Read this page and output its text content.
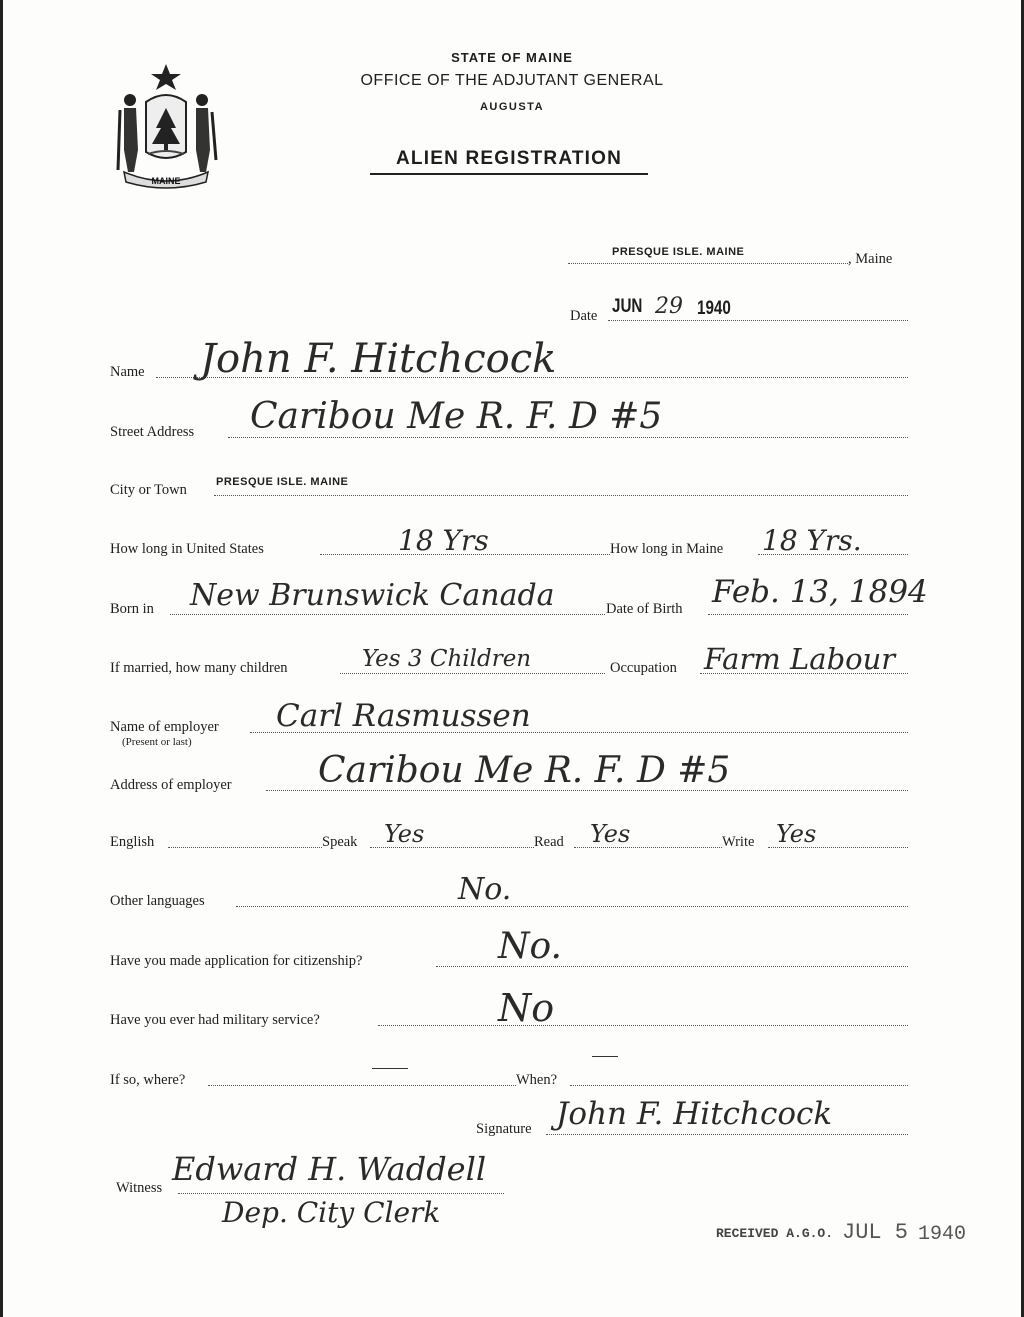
MAINE
STATE OF MAINE
OFFICE OF THE ADJUTANT GENERAL
AUGUSTA
ALIEN REGISTRATION
PRESQUE ISLE. MAINE	, Maine
Date JUN 29 1940
Name John F. Hitchcock
Street Address Caribou Me R. F. D #5
City or Town	PRESQUE ISLE. MAINE
How long in United States	18 Yrs	How long in Maine 18 Yrs.
Born in New Brunswick Canada	Date of Birth Feb. 13, 1894
If married, how many children	Yes 3 Children	Occupation Farm Labour
Name of employer
(Present or last)
Carl Rasmussen
Address of employer Caribou Me R. F. D #5
English	Speak Yes	Read Yes	Write Yes
Other languages	No.
Have you made application for citizenship?	No.
Have you ever had military service?	No
If so, where?	When?
Signature John F. Hitchcock
Witness Edward H. Waddell
Dep. City Clerk
RECEIVED A.G.O. JUL 5 1940
